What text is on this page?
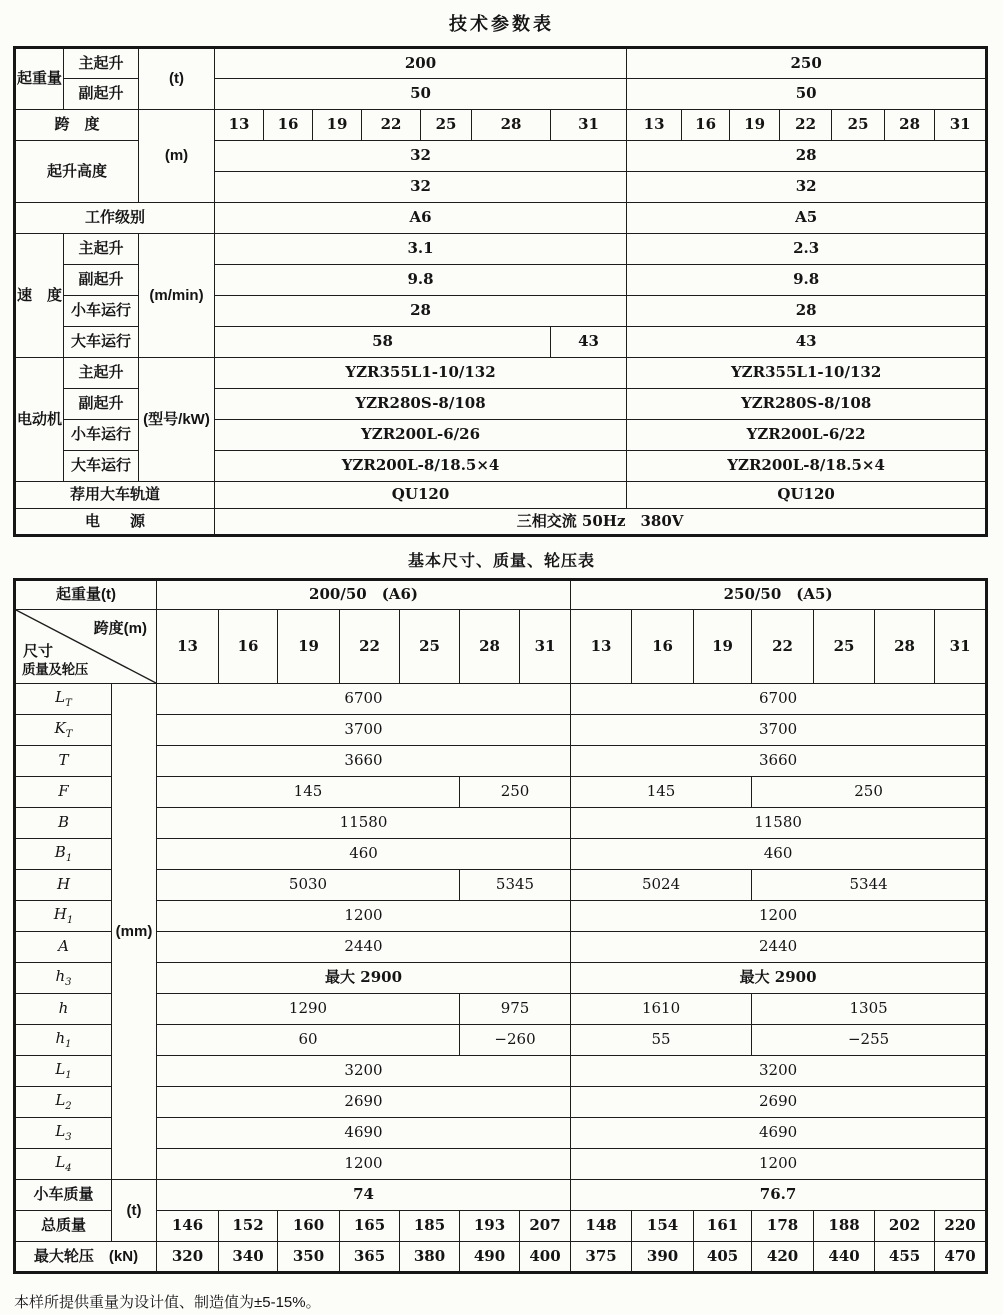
技术参数表
起重量	主起升	(t)	200							250						
	副起升		50							50						
跨　度		(m)	13	16	19	22	25	28	31	13	16	19	22	25	28	31
起升高度			32							28						
			32							32						
工作级别			A6							A5						
速　度	主起升	(m/min)	3.1							2.3						
	副起升		9.8							9.8						
	小车运行		28							28						
	大车运行		58						43	43						
电动机	主起升	(型号/kW)	YZR355L1-10/132							YZR355L1-10/132						
	副起升		YZR280S-8/108							YZR280S-8/108						
	小车运行		YZR200L-6/26							YZR200L-6/22						
	大车运行		YZR200L-8/18.5×4							YZR200L-8/18.5×4						
荐用大车轨道			QU120							QU120						
电　　源			三相交流 50Hz　380V													
基本尺寸、质量、轮压表
起重量(t)		200/50　(A6)							250/50　(A5)						

跨度(m)
尺寸
质量及轮压		13	16	19	22	25	28	31	13	16	19	22	25	28	31
$L_T$	(mm)	6700							6700						
$K_T$		3700							3700						
T		3660							3660						
F		145					250		145			250			
B		11580							11580						
$B_1$		460							460						
H		5030					5345		5024			5344			
$H_1$		1200							1200						
A		2440							2440						
$h_3$		最大 2900							最大 2900						
h		1290					975		1610			1305			
$h_1$		60					−260		55			−255			
$L_1$		3200							3200						
$L_2$		2690							2690						
$L_3$		4690							4690						
$L_4$		1200							1200						
小车质量	(t)	74							76.7						
总质量		146	152	160	165	185	193	207	148	154	161	178	188	202	220
最大轮压　(kN)		320	340	350	365	380	490	400	375	390	405	420	440	455	470
本样所提供重量为设计值、制造值为±5-15%。
